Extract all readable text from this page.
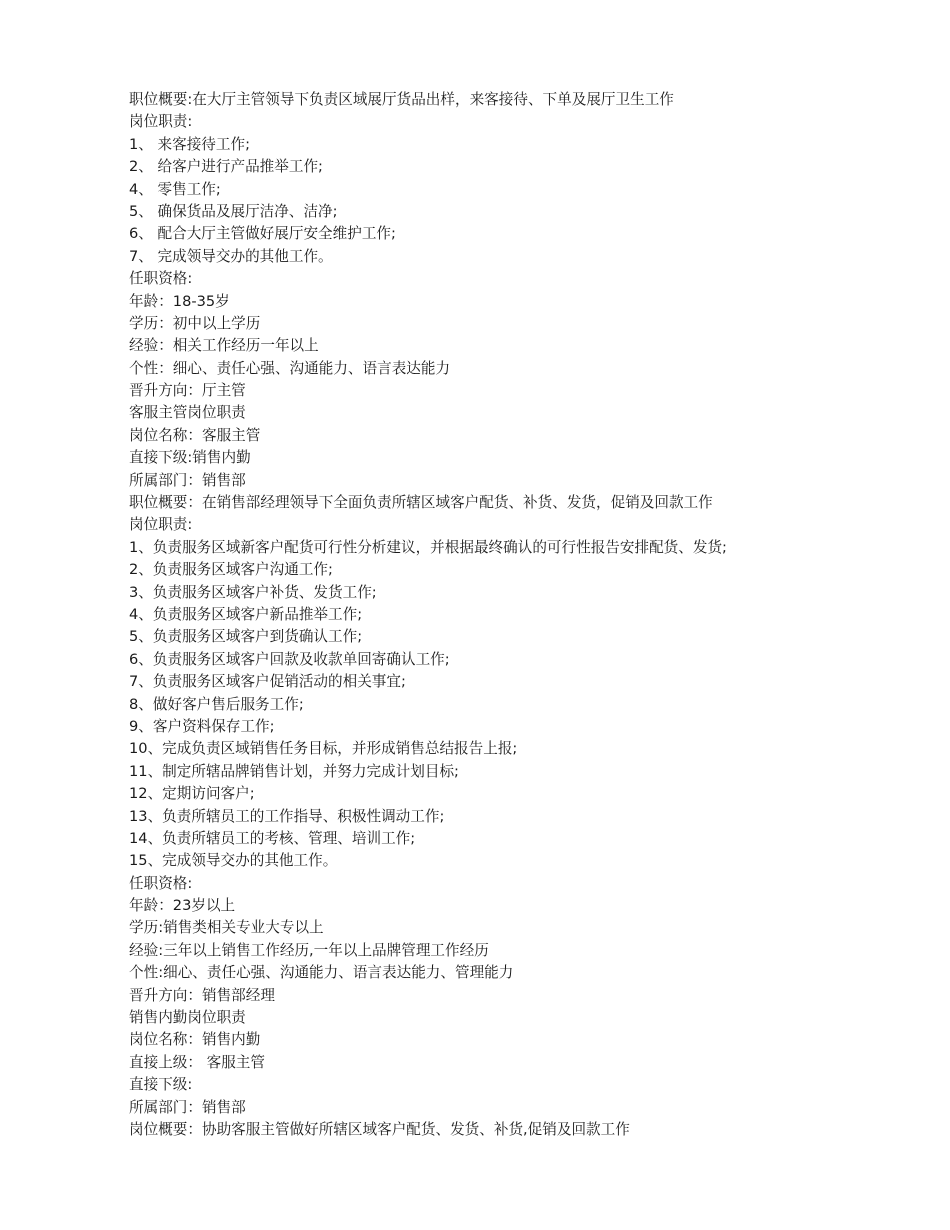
职位概要:在大厅主管领导下负责区域展厅货品出样，来客接待、下单及展厅卫生工作
岗位职责:
1、 来客接待工作;
2、 给客户进行产品推举工作;
4、 零售工作;
5、 确保货品及展厅洁净、洁净;
6、 配合大厅主管做好展厅安全维护工作;
7、 完成领导交办的其他工作。
任职资格:
年龄：18-35岁
学历：初中以上学历
经验：相关工作经历一年以上
个性：细心、责任心强、沟通能力、语言表达能力
晋升方向：厅主管
客服主管岗位职责
岗位名称：客服主管
直接下级:销售内勤
所属部门：销售部
职位概要：在销售部经理领导下全面负责所辖区域客户配货、补货、发货，促销及回款工作
岗位职责:
1、负责服务区域新客户配货可行性分析建议，并根据最终确认的可行性报告安排配货、发货;
2、负责服务区域客户沟通工作;
3、负责服务区域客户补货、发货工作;
4、负责服务区域客户新品推举工作;
5、负责服务区域客户到货确认工作;
6、负责服务区域客户回款及收款单回寄确认工作;
7、负责服务区域客户促销活动的相关事宜;
8、做好客户售后服务工作;
9、客户资料保存工作;
10、完成负责区域销售任务目标，并形成销售总结报告上报;
11、制定所辖品牌销售计划，并努力完成计划目标;
12、定期访问客户;
13、负责所辖员工的工作指导、积极性调动工作;
14、负责所辖员工的考核、管理、培训工作;
15、完成领导交办的其他工作。
任职资格:
年龄：23岁以上
学历:销售类相关专业大专以上
经验:三年以上销售工作经历,一年以上品牌管理工作经历
个性:细心、责任心强、沟通能力、语言表达能力、管理能力
晋升方向：销售部经理
销售内勤岗位职责
岗位名称：销售内勤
直接上级： 客服主管
直接下级:
所属部门：销售部
岗位概要：协助客服主管做好所辖区域客户配货、发货、补货,促销及回款工作
